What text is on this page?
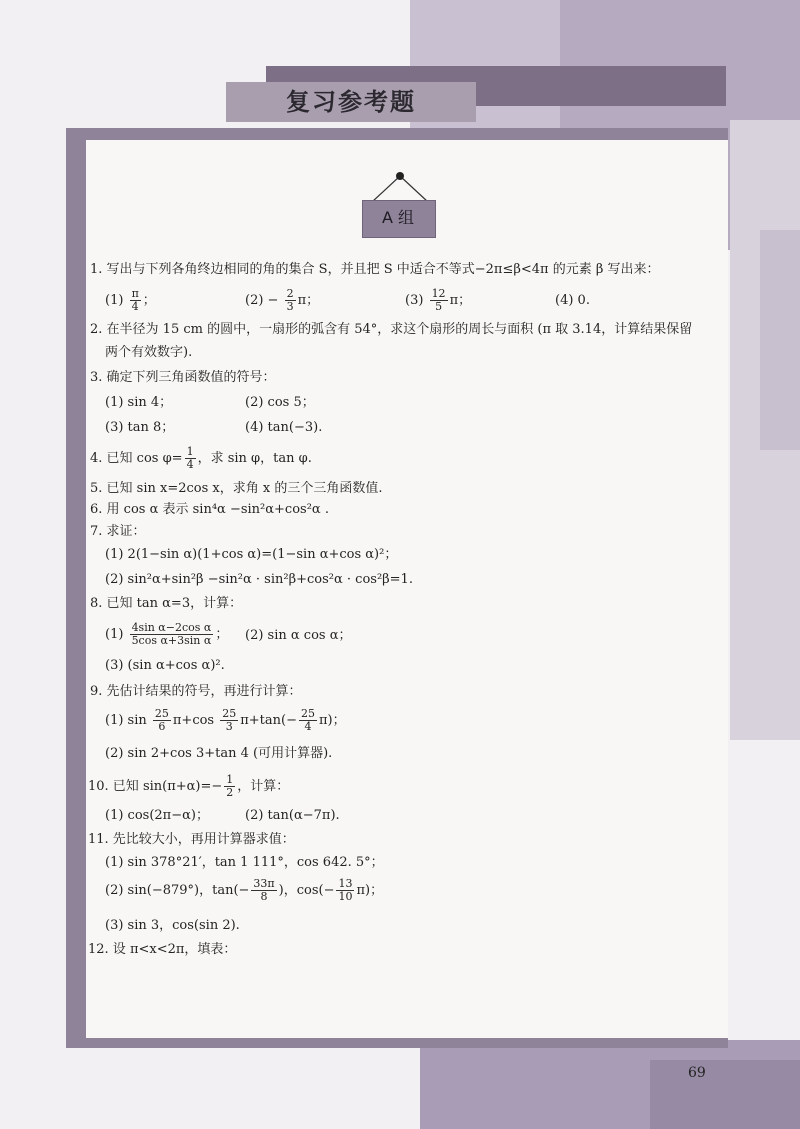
复习参考题
A 组
1. 写出与下列各角终边相同的角的集合 S，并且把 S 中适合不等式−2π≤β<4π 的元素 β 写出来：
$(1) \frac{\pi}{4}$ ；	$(2) - \frac{2}{3}$ π；	$(3) \frac{12}{5}$ π；	(4) 0.
2. 在半径为 15 cm 的圆中，一扇形的弧含有 54°，求这个扇形的周长与面积 (π 取 3.14，计算结果保留
两个有效数字).
3. 确定下列三角函数值的符号：
(1) sin 4；	(2) cos 5；
(3) tan 8；	(4) tan(−3).
4. 已知 $\cos \varphi= \frac{1}{4}$ ，求 sin φ，tan φ.
5. 已知 sin x=2cos x，求角 x 的三个三角函数值.
6. 用 cos α 表示 sin⁴α −sin²α+cos²α .
7. 求证：
(1) 2(1−sin α)(1+cos α)=(1−sin α+cos α)²；
(2) sin²α+sin²β −sin²α · sin²β+cos²α · cos²β=1.
8. 已知 tan α=3，计算：
$(1) \frac{\text{4sin α−2cos α}}{\text{5cos α+3sin α}}$ ； (2) sin α cos α；
(3) (sin α+cos α)².
9. 先估计结果的符号，再进行计算：
(1) $\sin \frac{25}{6} \pi+\cos \frac{25}{3} \pi+\tan(- \frac{25}{4} \pi)$；
(2) sin 2+cos 3+tan 4 (可用计算器).
10. 已知 $\sin(\pi+\alpha)=- \frac{1}{2}$ ，计算：
(1) cos(2π−α)；	(2) tan(α−7π).
11. 先比较大小，再用计算器求值：
(1) sin 378°21′，tan 1 111°，cos 642. 5°；
(2) sin(−879°)，$\tan(- \frac{33\pi}{8}$ )，$\cos(- \frac{13}{10} \pi)$；
(3) sin 3，cos(sin 2).
12. 设 π<x<2π，填表：
69
